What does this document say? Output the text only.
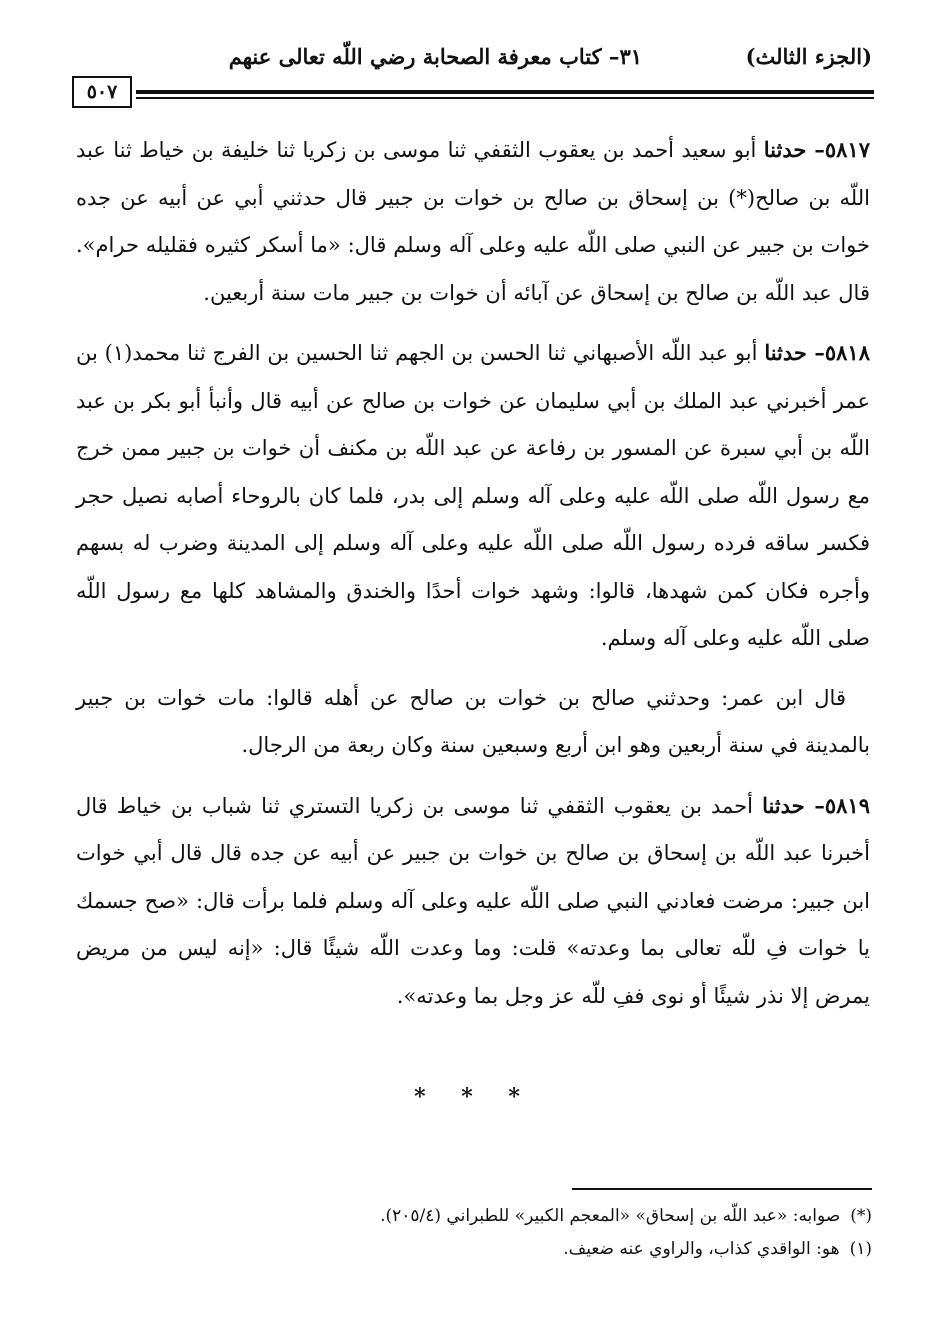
(الجزء الثالث)
٣١– كتاب معرفة الصحابة رضي اللّه تعالى عنهم
٥٠٧

٥٨١٧– حدثنا أبو سعيد أحمد بن يعقوب الثقفي ثنا موسى بن زكريا ثنا خليفة بن خياط ثنا عبد اللّه بن صالح(*) بن إسحاق بن صالح بن خوات بن جبير قال حدثني أبي عن أبيه عن جده خوات بن جبير عن النبي صلى اللّه عليه وعلى آله وسلم قال: «ما أسكر كثيره فقليله حرام». قال عبد اللّه بن صالح بن إسحاق عن آبائه أن خوات بن جبير مات سنة أربعين.

٥٨١٨– حدثنا أبو عبد اللّه الأصبهاني ثنا الحسن بن الجهم ثنا الحسين بن الفرج ثنا محمد(١) بن عمر أخبرني عبد الملك بن أبي سليمان عن خوات بن صالح عن أبيه قال وأنبأ أبو بكر بن عبد اللّه بن أبي سبرة عن المسور بن رفاعة عن عبد اللّه بن مكنف أن خوات بن جبير ممن خرج مع رسول اللّه صلى اللّه عليه وعلى آله وسلم إلى بدر، فلما كان بالروحاء أصابه نصيل حجر فكسر ساقه فرده رسول اللّه صلى اللّه عليه وعلى آله وسلم إلى المدينة وضرب له بسهم وأجره فكان كمن شهدها، قالوا: وشهد خوات أحدًا والخندق والمشاهد كلها مع رسول اللّه صلى اللّه عليه وعلى آله وسلم.

قال ابن عمر: وحدثني صالح بن خوات بن صالح عن أهله قالوا: مات خوات بن جبير بالمدينة في سنة أربعين وهو ابن أربع وسبعين سنة وكان ربعة من الرجال.

٥٨١٩– حدثنا أحمد بن يعقوب الثقفي ثنا موسى بن زكريا التستري ثنا شباب بن خياط قال أخبرنا عبد اللّه بن إسحاق بن صالح بن خوات بن جبير عن أبيه عن جده قال قال أبي خوات ابن جبير: مرضت فعادني النبي صلى اللّه عليه وعلى آله وسلم فلما برأت قال: «صح جسمك يا خوات فِ للّه تعالى بما وعدته» قلت: وما وعدت اللّه شيئًا قال: «إنه ليس من مريض يمرض إلا نذر شيئًا أو نوى ففِ للّه عز وجل بما وعدته».

* * *

(*)صوابه: «عبد اللّه بن إسحاق» «المعجم الكبير» للطبراني (٢٠٥/٤).

(١)هو: الواقدي كذاب، والراوي عنه ضعيف.
